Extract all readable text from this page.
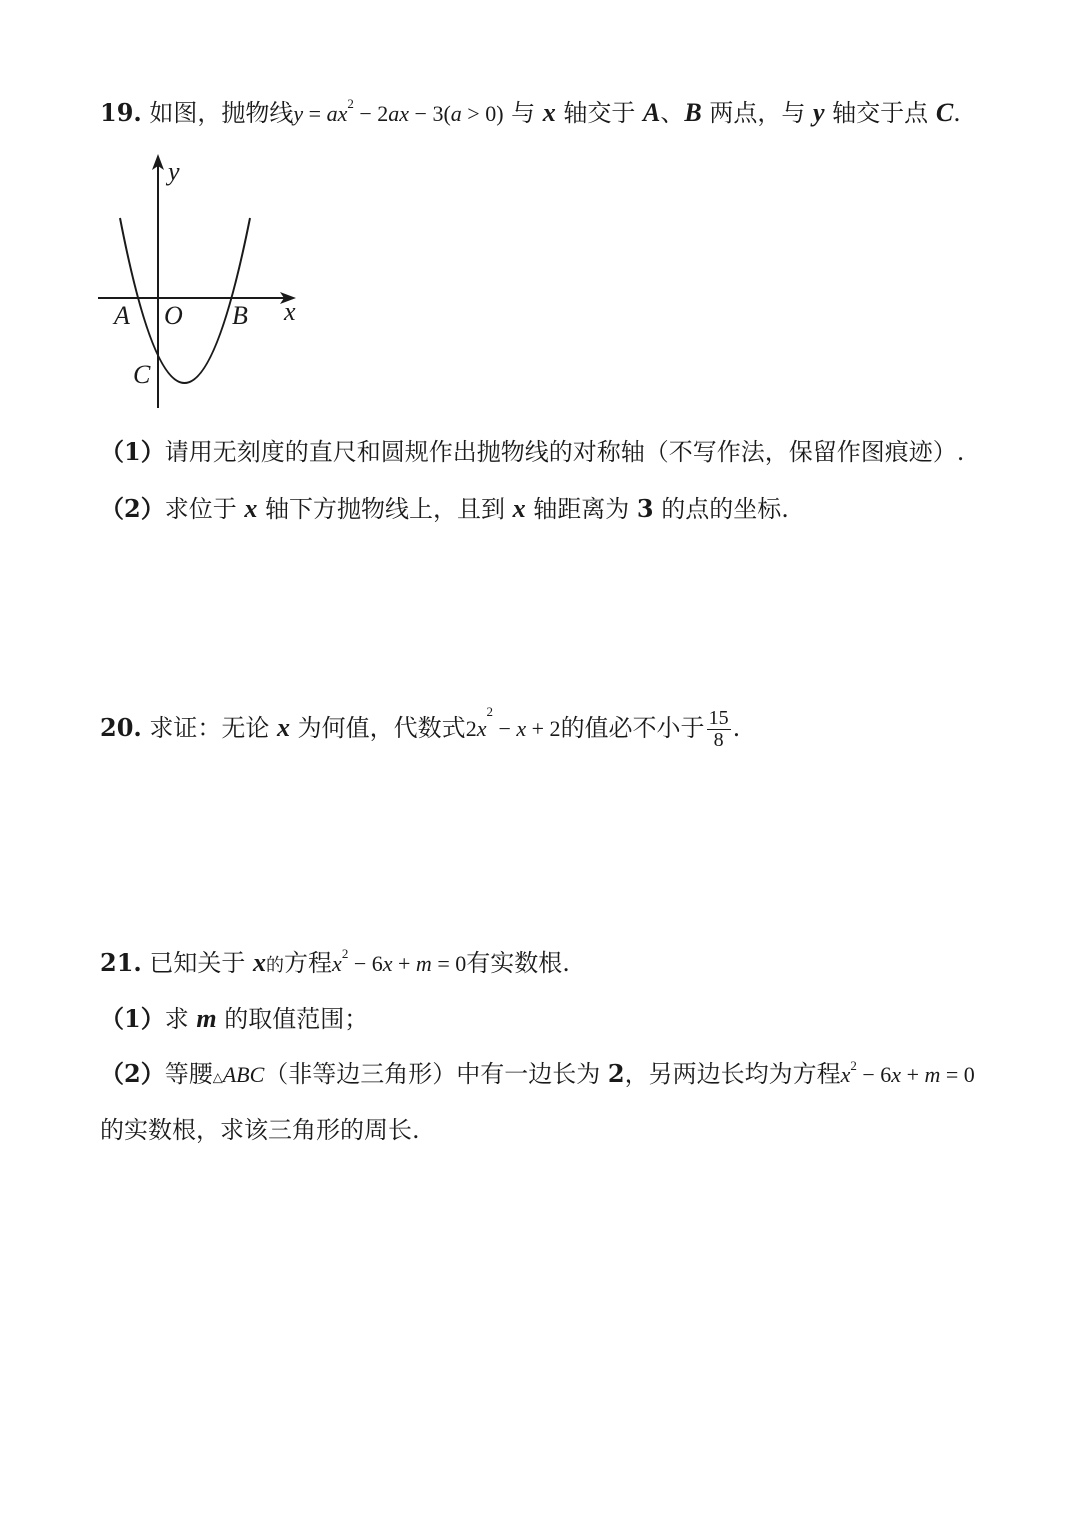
19. 如图，抛物线$y = ax^2 - 2ax - 3(a > 0)$ 与 x 轴交于 A、B 两点，与 y 轴交于点 C.
y
x
A O B
C
（1）请用无刻度的直尺和圆规作出抛物线的对称轴（不写作法，保留作图痕迹）.
（2）求位于 x 轴下方抛物线上，且到 x 轴距离为 3 的点的坐标.
20. 求证：无论 x 为何值，代数式$2x^2 - x + 2$的值必不小于 $\frac{15}{8}$ .
21. 已知关于 x的方程$x^2 - 6x + m = 0$有实数根.
（1）求 m 的取值范围；
（2）等腰△ABC（非等边三角形）中有一边长为 2，另两边长均为方程$x^2 - 6x + m = 0$
的实数根，求该三角形的周长.
